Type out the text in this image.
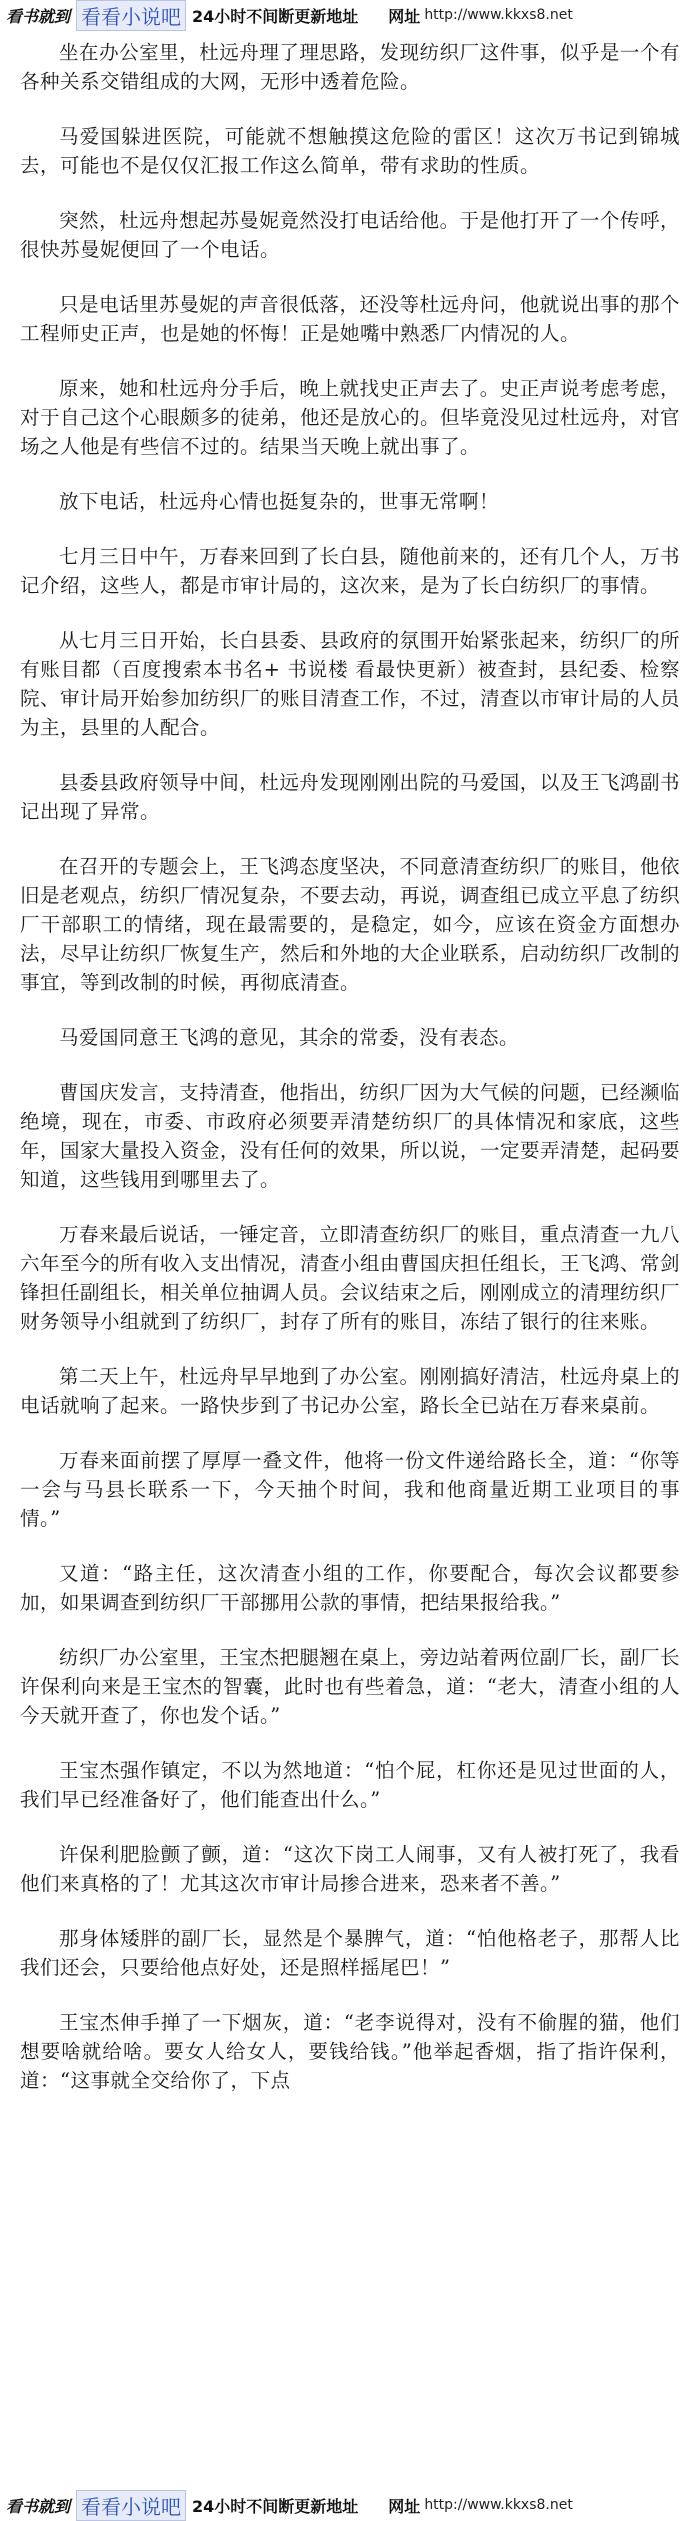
看书就到 看看小说吧 24小时不间断更新地址 网址 http://www.kkxs8.net

坐在办公室里，杜远舟理了理思路，发现纺织厂这件事，似乎是一个有各种关系交错组成的大网，无形中透着危险。

马爱国躲进医院，可能就不想触摸这危险的雷区！这次万书记到锦城去，可能也不是仅仅汇报工作这么简单，带有求助的性质。

突然，杜远舟想起苏曼妮竟然没打电话给他。于是他打开了一个传呼，很快苏曼妮便回了一个电话。

只是电话里苏曼妮的声音很低落，还没等杜远舟问，他就说出事的那个工程师史正声，也是她的怀悔！正是她嘴中熟悉厂内情况的人。

原来，她和杜远舟分手后，晚上就找史正声去了。史正声说考虑考虑，对于自己这个心眼颇多的徒弟，他还是放心的。但毕竟没见过杜远舟，对官场之人他是有些信不过的。结果当天晚上就出事了。

放下电话，杜远舟心情也挺复杂的，世事无常啊！

七月三日中午，万春来回到了长白县，随他前来的，还有几个人，万书记介绍，这些人，都是市审计局的，这次来，是为了长白纺织厂的事情。

从七月三日开始，长白县委、县政府的氛围开始紧张起来，纺织厂的所有账目都（百度搜索本书名+ 书说楼 看最快更新）被查封，县纪委、检察院、审计局开始参加纺织厂的账目清查工作，不过，清查以市审计局的人员为主，县里的人配合。

县委县政府领导中间，杜远舟发现刚刚出院的马爱国，以及王飞鸿副书记出现了异常。

在召开的专题会上，王飞鸿态度坚决，不同意清查纺织厂的账目，他依旧是老观点，纺织厂情况复杂，不要去动，再说，调查组已成立平息了纺织厂干部职工的情绪，现在最需要的，是稳定，如今，应该在资金方面想办法，尽早让纺织厂恢复生产，然后和外地的大企业联系，启动纺织厂改制的事宜，等到改制的时候，再彻底清查。

马爱国同意王飞鸿的意见，其余的常委，没有表态。

曹国庆发言，支持清查，他指出，纺织厂因为大气候的问题，已经濒临绝境，现在，市委、市政府必须要弄清楚纺织厂的具体情况和家底，这些年，国家大量投入资金，没有任何的效果，所以说，一定要弄清楚，起码要知道，这些钱用到哪里去了。

万春来最后说话，一锤定音，立即清查纺织厂的账目，重点清查一九八六年至今的所有收入支出情况，清查小组由曹国庆担任组长，王飞鸿、常剑锋担任副组长，相关单位抽调人员。会议结束之后，刚刚成立的清理纺织厂财务领导小组就到了纺织厂，封存了所有的账目，冻结了银行的往来账。

第二天上午，杜远舟早早地到了办公室。刚刚搞好清洁，杜远舟桌上的电话就响了起来。一路快步到了书记办公室，路长全已站在万春来桌前。

万春来面前摆了厚厚一叠文件，他将一份文件递给路长全，道：“你等一会与马县长联系一下，今天抽个时间，我和他商量近期工业项目的事情。”

又道：“路主任，这次清查小组的工作，你要配合，每次会议都要参加，如果调查到纺织厂干部挪用公款的事情，把结果报给我。”

纺织厂办公室里，王宝杰把腿翘在桌上，旁边站着两位副厂长，副厂长许保利向来是王宝杰的智囊，此时也有些着急，道：“老大，清查小组的人今天就开查了，你也发个话。”

王宝杰强作镇定，不以为然地道：“怕个屁，杠你还是见过世面的人，我们早已经准备好了，他们能查出什么。”

许保利肥脸颤了颤，道：“这次下岗工人闹事，又有人被打死了，我看他们来真格的了！尤其这次市审计局掺合进来，恐来者不善。”

那身体矮胖的副厂长，显然是个暴脾气，道：“怕他格老子，那帮人比我们还会，只要给他点好处，还是照样摇尾巴！”

王宝杰伸手掸了一下烟灰，道：“老李说得对，没有不偷腥的猫，他们想要啥就给啥。要女人给女人，要钱给钱。”他举起香烟，指了指许保利，道：“这事就全交给你了，下点

看书就到 看看小说吧 24小时不间断更新地址 网址 http://www.kkxs8.net
